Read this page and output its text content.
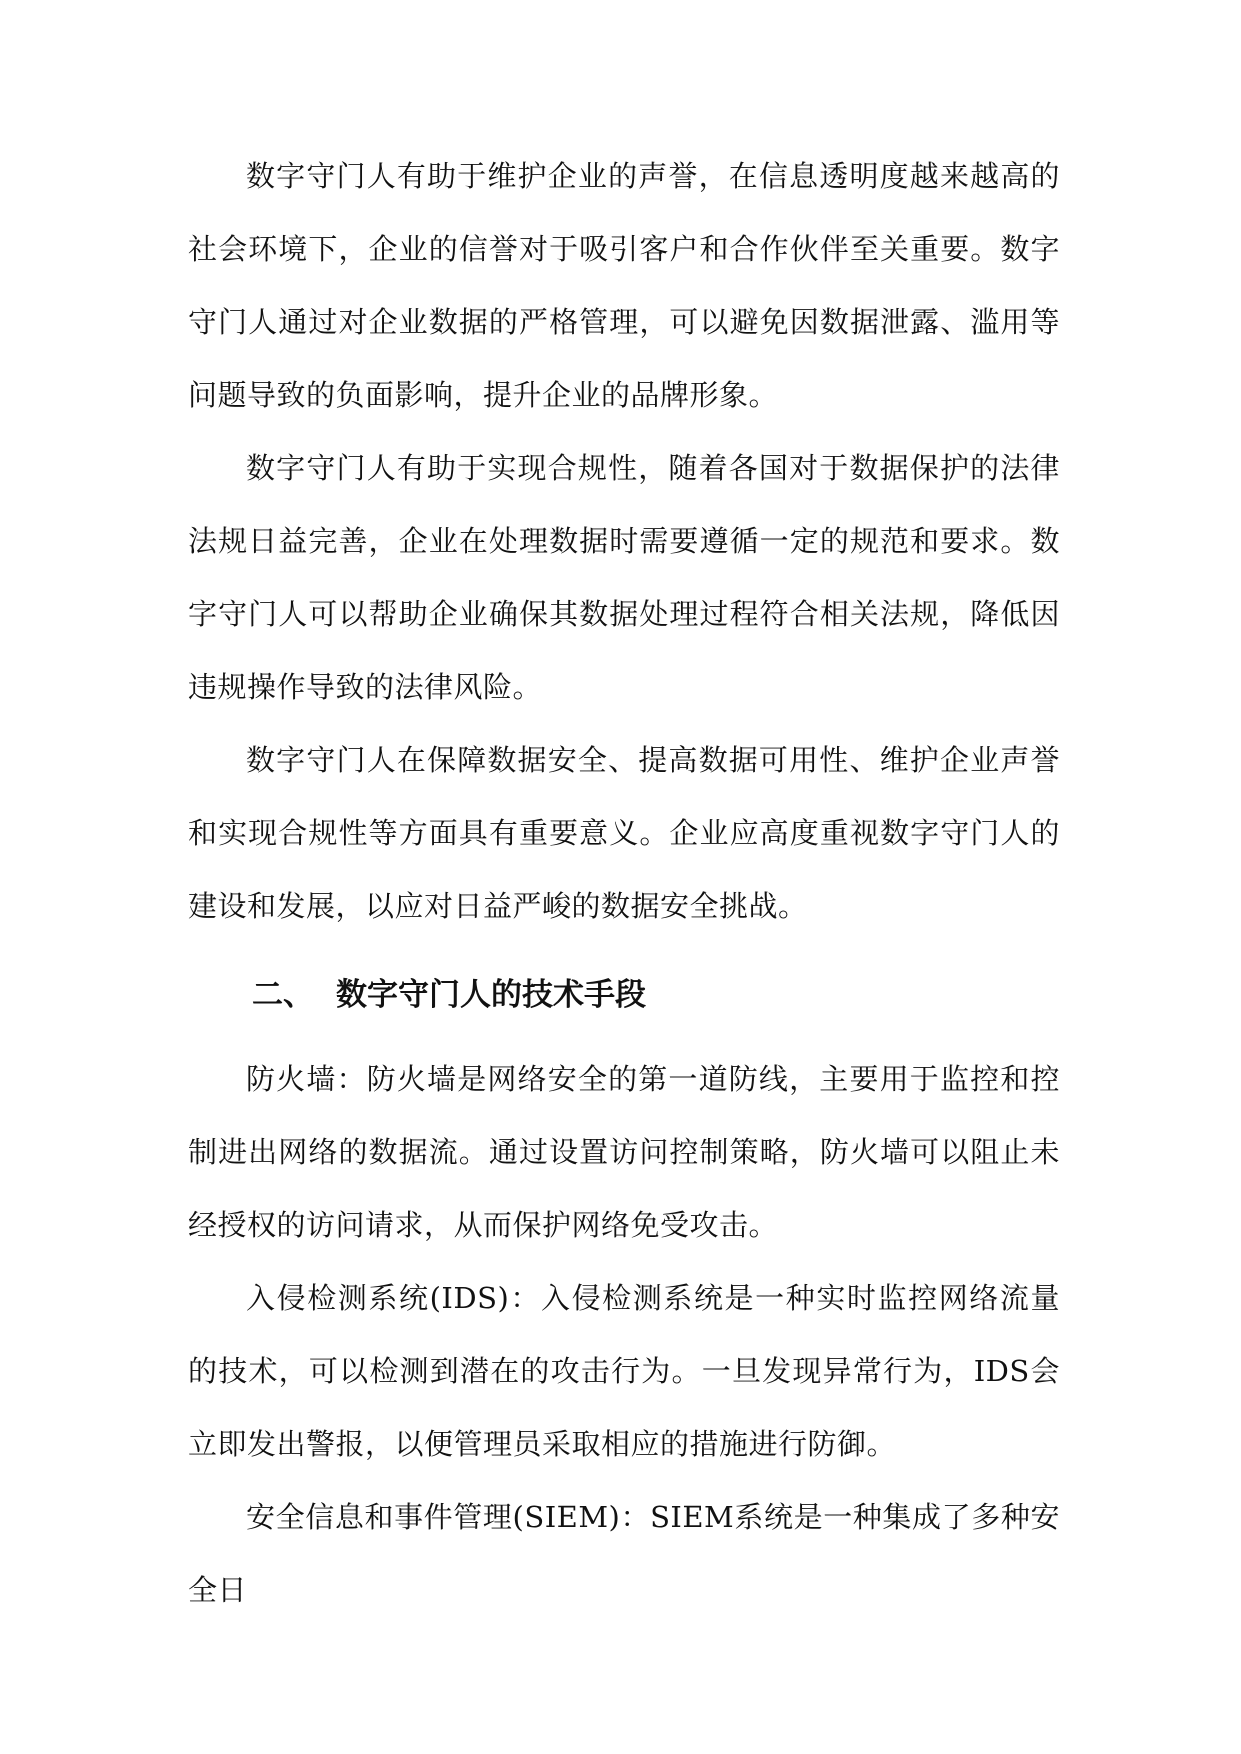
数字守门人有助于维护企业的声誉，在信息透明度越来越高的社会环境下，企业的信誉对于吸引客户和合作伙伴至关重要。数字守门人通过对企业数据的严格管理，可以避免因数据泄露、滥用等问题导致的负面影响，提升企业的品牌形象。

数字守门人有助于实现合规性，随着各国对于数据保护的法律法规日益完善，企业在处理数据时需要遵循一定的规范和要求。数字守门人可以帮助企业确保其数据处理过程符合相关法规，降低因违规操作导致的法律风险。

数字守门人在保障数据安全、提高数据可用性、维护企业声誉和实现合规性等方面具有重要意义。企业应高度重视数字守门人的建设和发展，以应对日益严峻的数据安全挑战。

二、 数字守门人的技术手段

防火墙：防火墙是网络安全的第一道防线，主要用于监控和控制进出网络的数据流。通过设置访问控制策略，防火墙可以阻止未经授权的访问请求，从而保护网络免受攻击。

入侵检测系统(IDS)：入侵检测系统是一种实时监控网络流量的技术，可以检测到潜在的攻击行为。一旦发现异常行为，IDS会立即发出警报，以便管理员采取相应的措施进行防御。

安全信息和事件管理(SIEM)：SIEM系统是一种集成了多种安全日
